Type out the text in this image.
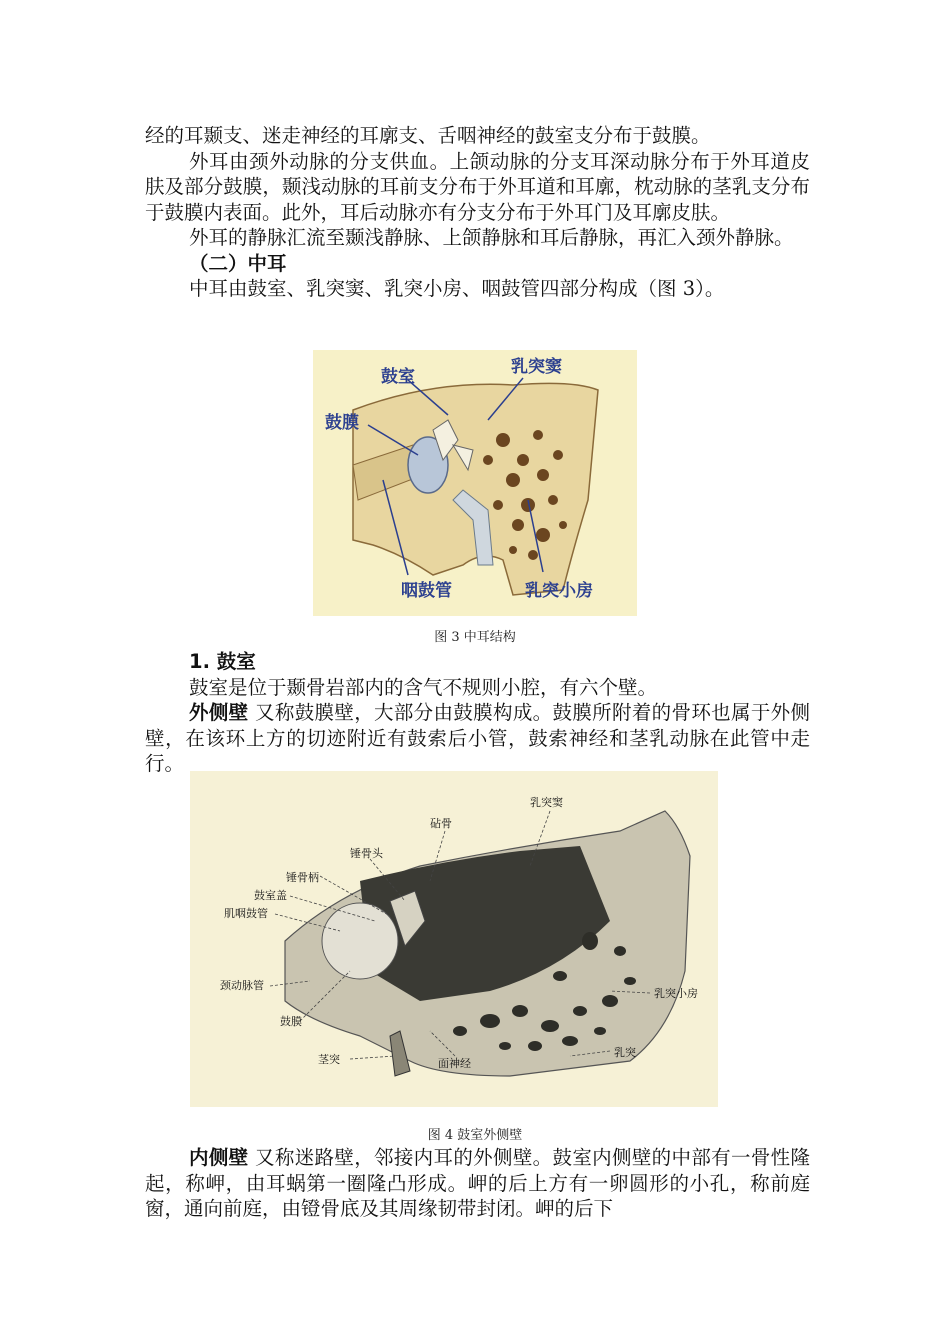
经的耳颞支、迷走神经的耳廓支、舌咽神经的鼓室支分布于鼓膜。

外耳由颈外动脉的分支供血。上颌动脉的分支耳深动脉分布于外耳道皮肤及部分鼓膜，颞浅动脉的耳前支分布于外耳道和耳廓，枕动脉的茎乳支分布于鼓膜内表面。此外，耳后动脉亦有分支分布于外耳门及耳廓皮肤。

外耳的静脉汇流至颞浅静脉、上颌静脉和耳后静脉，再汇入颈外静脉。

（二）中耳

中耳由鼓室、乳突窦、乳突小房、咽鼓管四部分构成（图 3）。

鼓室	乳突窦
鼓膜
咽鼓管	乳突小房
图 3 中耳结构

1. 鼓室

鼓室是位于颞骨岩部内的含气不规则小腔，有六个壁。

外侧壁 又称鼓膜壁，大部分由鼓膜构成。鼓膜所附着的骨环也属于外侧壁，在该环上方的切迹附近有鼓索后小管，鼓索神经和茎乳动脉在此管中走行。

乳突窦
砧骨
锤骨头
锤骨柄
鼓室盖
肌咽鼓管
颈动脉管
鼓膜
茎突	面神经
乳突
乳突小房
图 4 鼓室外侧壁

内侧壁 又称迷路壁，邻接内耳的外侧壁。鼓室内侧壁的中部有一骨性隆起，称岬，由耳蜗第一圈隆凸形成。岬的后上方有一卵圆形的小孔，称前庭窗，通向前庭，由镫骨底及其周缘韧带封闭。岬的后下
